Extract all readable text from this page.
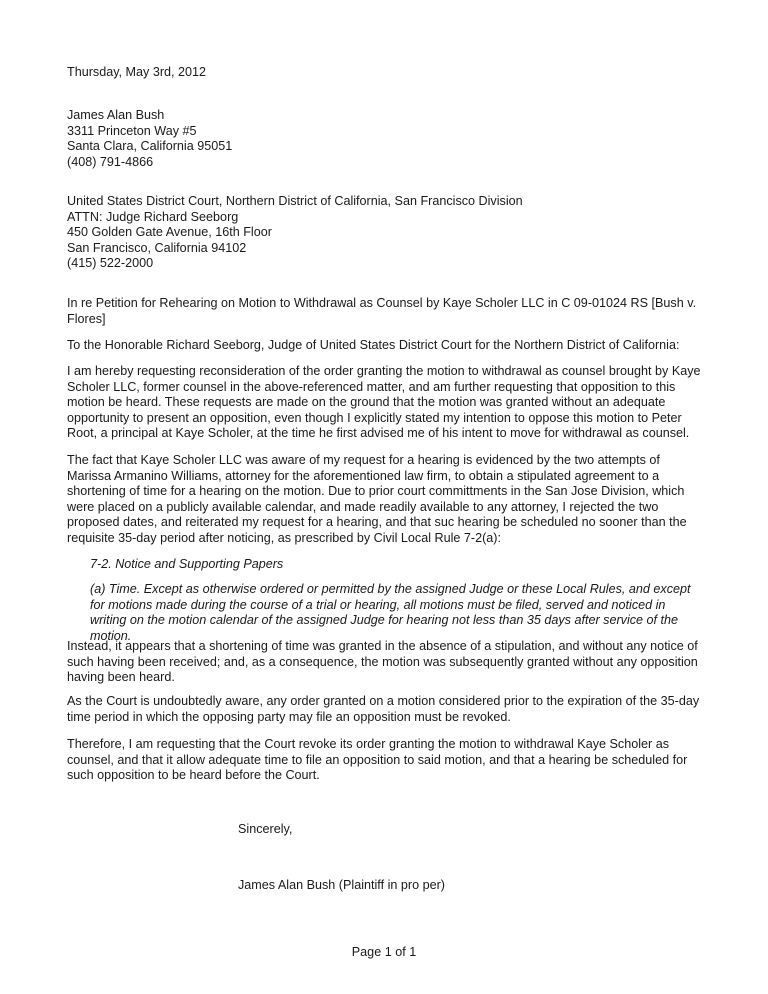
Thursday, May 3rd, 2012

James Alan Bush
3311 Princeton Way #5
Santa Clara, California 95051
(408) 791-4866
United States District Court, Northern District of California, San Francisco Division
ATTN: Judge Richard Seeborg
450 Golden Gate Avenue, 16th Floor
San Francisco, California 94102
(415) 522-2000

In re Petition for Rehearing on Motion to Withdrawal as Counsel by Kaye Scholer LLC in C 09-01024 RS [Bush v. Flores]

To the Honorable Richard Seeborg, Judge of United States District Court for the Northern District of California:

I am hereby requesting reconsideration of the order granting the motion to withdrawal as counsel brought by Kaye Scholer LLC, former counsel in the above-referenced matter, and am further requesting that opposition to this motion be heard. These requests are made on the ground that the motion was granted without an adequate opportunity to present an opposition, even though I explicitly stated my intention to oppose this motion to Peter Root, a principal at Kaye Scholer, at the time he first advised me of his intent to move for withdrawal as counsel.

The fact that Kaye Scholer LLC was aware of my request for a hearing is evidenced by the two attempts of Marissa Armanino Williams, attorney for the aforementioned law firm, to obtain a stipulated agreement to a shortening of time for a hearing on the motion. Due to prior court committments in the San Jose Division, which were placed on a publicly available calendar, and made readily available to any attorney, I rejected the two proposed dates, and reiterated my request for a hearing, and that suc hearing be scheduled no sooner than the requisite 35-day period after noticing, as prescribed by Civil Local Rule 7-2(a):

7-2. Notice and Supporting Papers

(a) Time. Except as otherwise ordered or permitted by the assigned Judge or these Local Rules, and except for motions made during the course of a trial or hearing, all motions must be filed, served and noticed in writing on the motion calendar of the assigned Judge for hearing not less than 35 days after service of the motion.

Instead, it appears that a shortening of time was granted in the absence of a stipulation, and without any notice of such having been received; and, as a consequence, the motion was subsequently granted without any opposition having been heard.

As the Court is undoubtedly aware, any order granted on a motion considered prior to the expiration of the 35-day time period in which the opposing party may file an opposition must be revoked.

Therefore, I am requesting that the Court revoke its order granting the motion to withdrawal Kaye Scholer as counsel, and that it allow adequate time to file an opposition to said motion, and that a hearing be scheduled for such opposition to be heard before the Court.

Sincerely,

James Alan Bush (Plaintiff in pro per)

Page 1 of 1
